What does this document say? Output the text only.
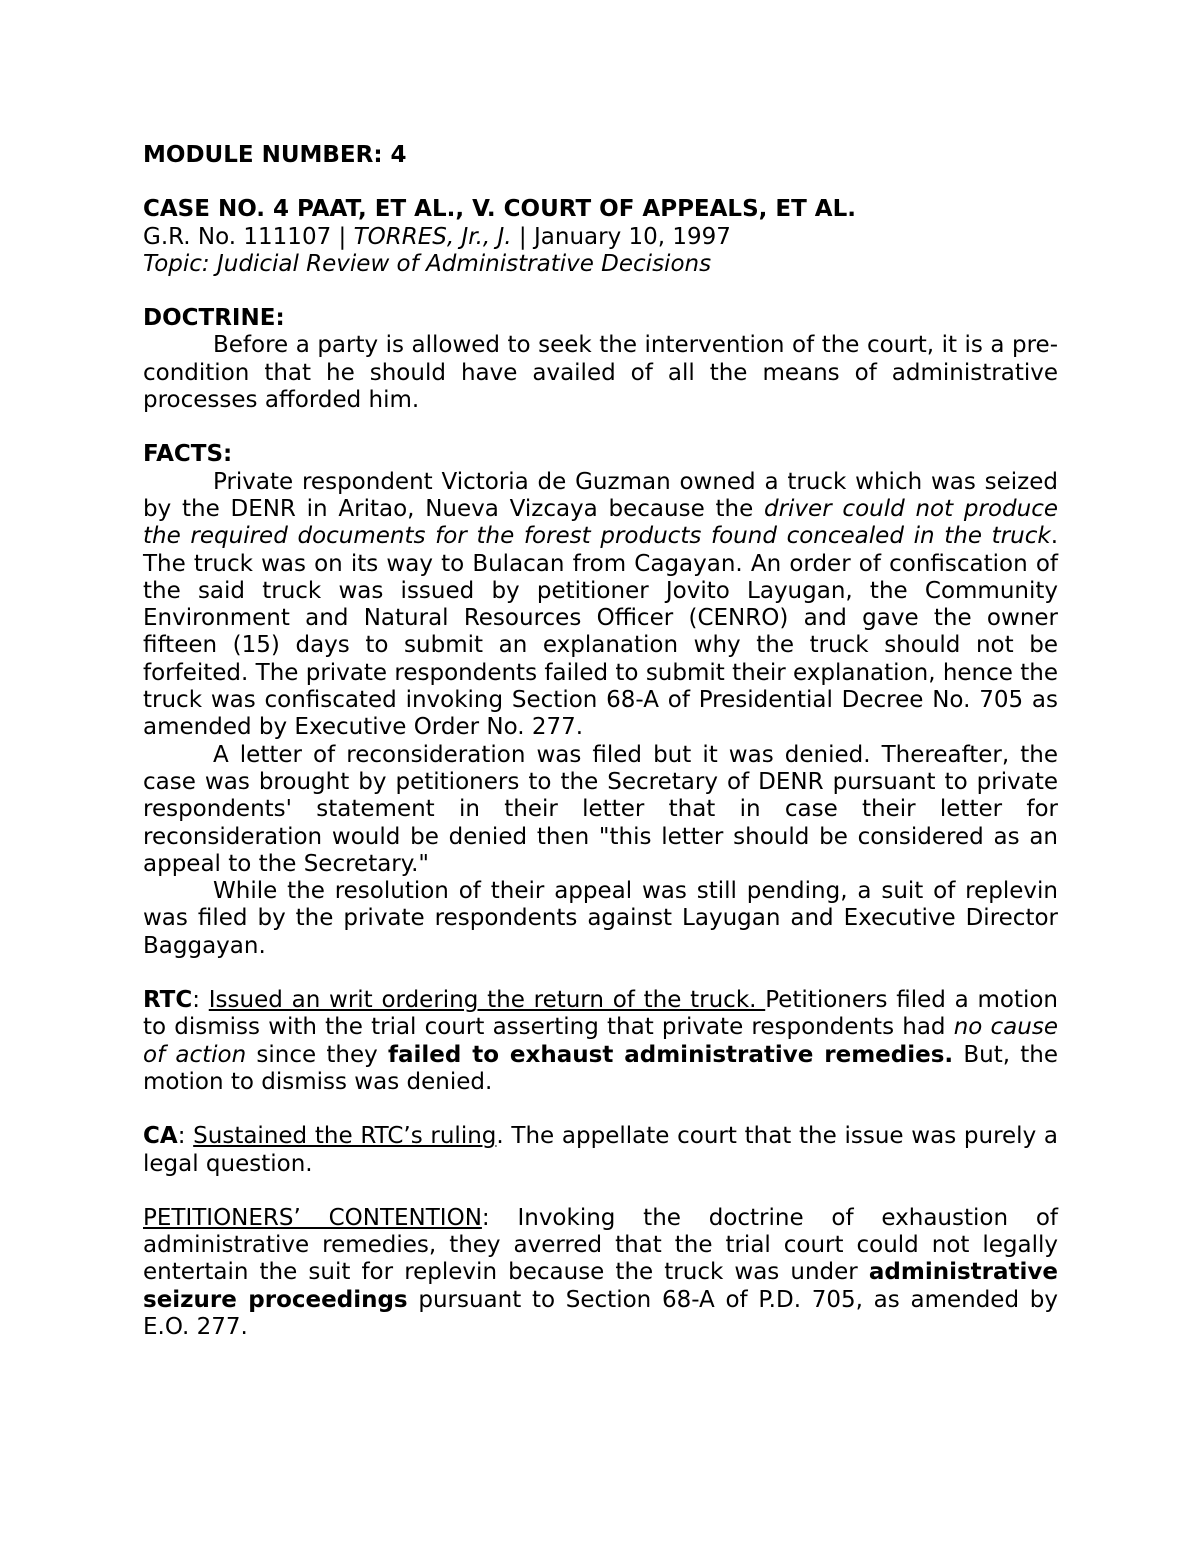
MODULE NUMBER: 4

CASE NO. 4 PAAT, ET AL., V. COURT OF APPEALS, ET AL.

G.R. No. 111107 | TORRES, Jr., J. | January 10, 1997

Topic: Judicial Review of Administrative Decisions

DOCTRINE:

Before a party is allowed to seek the intervention of the court, it is a pre-condition that he should have availed of all the means of administrative processes afforded him.

FACTS:

Private respondent Victoria de Guzman owned a truck which was seized by the DENR in Aritao, Nueva Vizcaya because the driver could not produce the required documents for the forest products found concealed in the truck. The truck was on its way to Bulacan from Cagayan. An order of confiscation of the said truck was issued by petitioner Jovito Layugan, the Community Environment and Natural Resources Officer (CENRO) and gave the owner fifteen (15) days to submit an explanation why the truck should not be forfeited. The private respondents failed to submit their explanation, hence the truck was confiscated invoking Section 68-A of Presidential Decree No. 705 as amended by Executive Order No. 277.

A letter of reconsideration was filed but it was denied. Thereafter, the case was brought by petitioners to the Secretary of DENR pursuant to private respondents' statement in their letter that in case their letter for reconsideration would be denied then "this letter should be considered as an appeal to the Secretary."

While the resolution of their appeal was still pending, a suit of replevin was filed by the private respondents against Layugan and Executive Director Baggayan.

RTC: Issued an writ ordering the return of the truck. Petitioners filed a motion to dismiss with the trial court asserting that private respondents had no cause of action since they failed to exhaust administrative remedies. But, the motion to dismiss was denied.

CA: Sustained the RTC’s ruling. The appellate court that the issue was purely a legal question.

PETITIONERS’ CONTENTION: Invoking the doctrine of exhaustion of administrative remedies, they averred that the trial court could not legally entertain the suit for replevin because the truck was under administrative seizure proceedings pursuant to Section 68-A of P.D. 705, as amended by E.O. 277.
